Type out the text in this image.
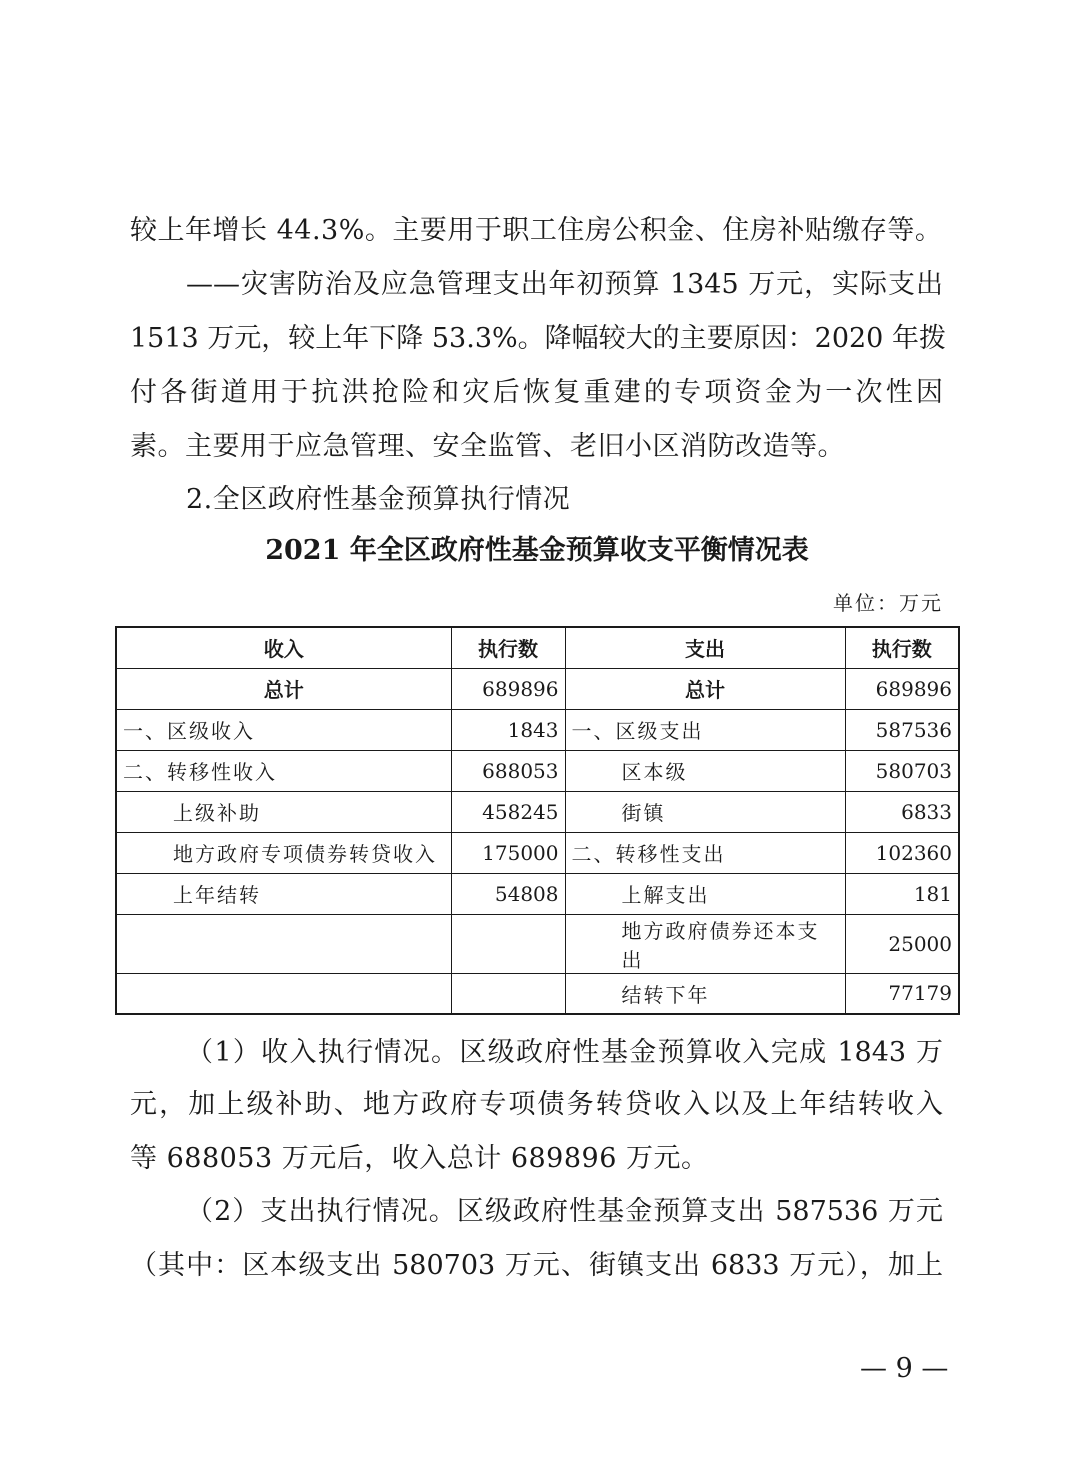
较上年增长 44.3%。主要用于职工住房公积金、住房补贴缴存等。
——灾害防治及应急管理支出年初预算 1345 万元，实际支出
1513 万元，较上年下降 53.3%。降幅较大的主要原因：2020 年拨
付各街道用于抗洪抢险和灾后恢复重建的专项资金为一次性因
素。主要用于应急管理、安全监管、老旧小区消防改造等。
2.全区政府性基金预算执行情况
2021 年全区政府性基金预算收支平衡情况表
单位：万元
收入	执行数	支出	执行数
总计	689896	总计	689896
一、区级收入	1843	一、区级支出	587536
二、转移性收入	688053	区本级	580703
上级补助	458245	街镇	6833
地方政府专项债券转贷收入	175000	二、转移性支出	102360
上年结转	54808	上解支出	181
		地方政府债券还本支出	25000
		结转下年	77179
（1）收入执行情况。区级政府性基金预算收入完成 1843 万
元，加上级补助、地方政府专项债务转贷收入以及上年结转收入
等 688053 万元后，收入总计 689896 万元。
（2）支出执行情况。区级政府性基金预算支出 587536 万元
（其中：区本级支出 580703 万元、街镇支出 6833 万元），加上
— 9 —
